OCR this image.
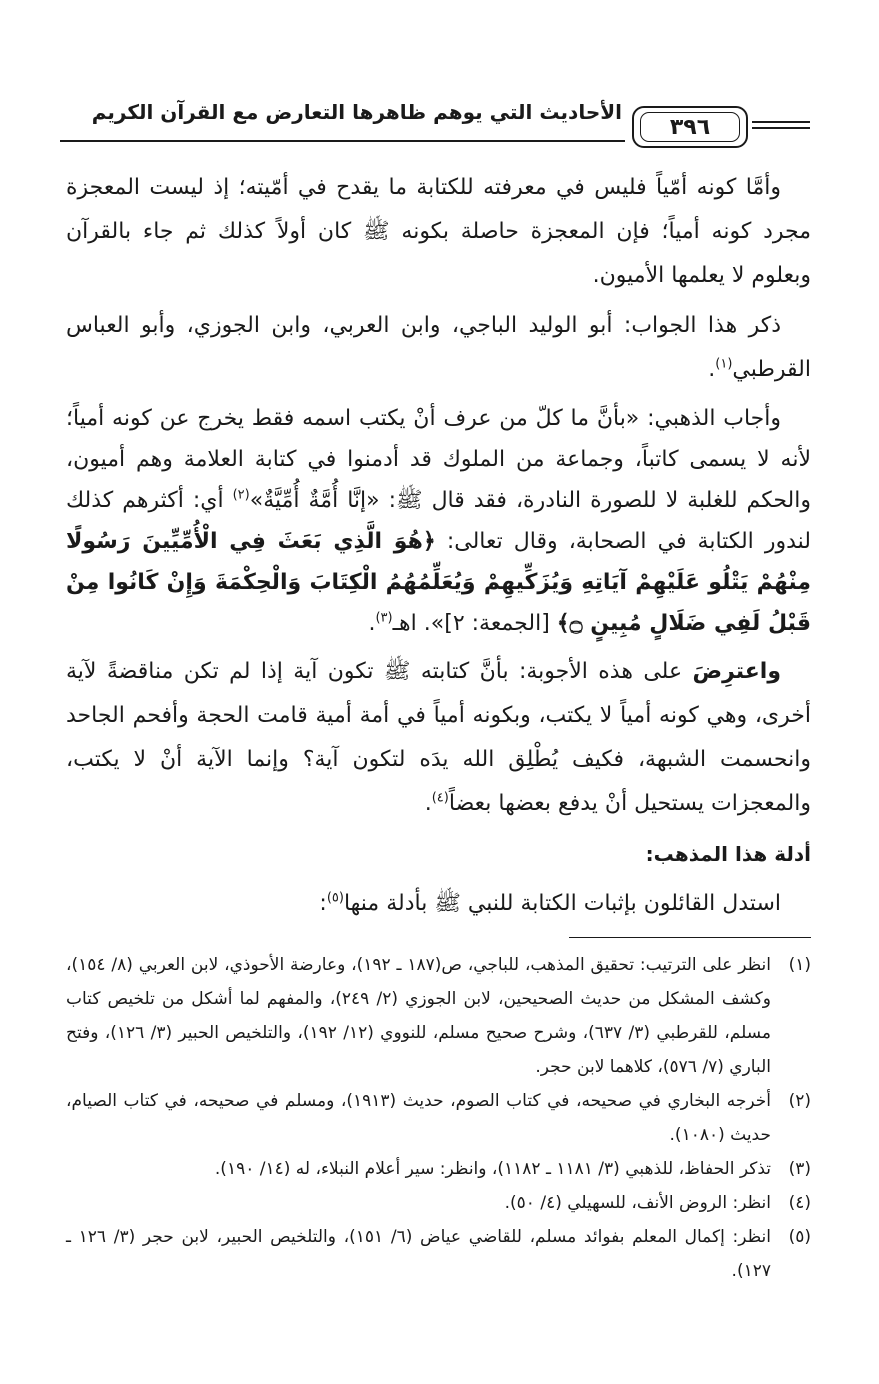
الأحاديث التي يوهم ظاهرها التعارض مع القرآن الكريم
٣٩٦

وأمَّا كونه أمّياً فليس في معرفته للكتابة ما يقدح في أمّيته؛ إذ ليست المعجزة مجرد كونه أمياً؛ فإن المعجزة حاصلة بكونه ﷺ كان أولاً كذلك ثم جاء بالقرآن وبعلوم لا يعلمها الأميون.

ذكر هذا الجواب: أبو الوليد الباجي، وابن العربي، وابن الجوزي، وأبو العباس القرطبي$^{(١)}$.

وأجاب الذهبي: «بأنَّ ما كلّ من عرف أنْ يكتب اسمه فقط يخرج عن كونه أمياً؛ لأنه لا يسمى كاتباً، وجماعة من الملوك قد أدمنوا في كتابة العلامة وهم أميون، والحكم للغلبة لا للصورة النادرة، فقد قال ﷺ: «إنَّا أُمَّةٌ أُمِّيَّةٌ»$^{(٢)}$ أي: أكثرهم كذلك لندور الكتابة في الصحابة، وقال تعالى: ﴿هُوَ الَّذِي بَعَثَ فِي الْأُمِّيِّينَ رَسُولًا مِنْهُمْ يَتْلُو عَلَيْهِمْ آيَاتِهِ وَيُزَكِّيهِمْ وَيُعَلِّمُهُمُ الْكِتَابَ وَالْحِكْمَةَ وَإِنْ كَانُوا مِنْ قَبْلُ لَفِي ضَلَالٍ مُبِينٍ ۝﴾ [الجمعة: ٢]». اهـ$^{(٣)}$.

واعترِضَ على هذه الأجوبة: بأنَّ كتابته ﷺ تكون آية إذا لم تكن مناقضةً لآية أخرى، وهي كونه أمياً لا يكتب، وبكونه أمياً في أمة أمية قامت الحجة وأفحم الجاحد وانحسمت الشبهة، فكيف يُطْلِق الله يدَه لتكون آية؟ وإنما الآية أنْ لا يكتب، والمعجزات يستحيل أنْ يدفع بعضها بعضاً$^{(٤)}$.

أدلة هذا المذهب:

استدل القائلون بإثبات الكتابة للنبي ﷺ بأدلة منها$^{(٥)}$:

(١)
انظر على الترتيب: تحقيق المذهب، للباجي، ص(١٨٧ ـ ١٩٢)، وعارضة الأحوذي، لابن العربي (٨/ ١٥٤)، وكشف المشكل من حديث الصحيحين، لابن الجوزي (٢/ ٢٤٩)، والمفهم لما أشكل من تلخيص كتاب مسلم، للقرطبي (٣/ ٦٣٧)، وشرح صحيح مسلم، للنووي (١٢/ ١٩٢)، والتلخيص الحبير (٣/ ١٢٦)، وفتح الباري (٧/ ٥٧٦)، كلاهما لابن حجر.
(٢)
أخرجه البخاري في صحيحه، في كتاب الصوم، حديث (١٩١٣)، ومسلم في صحيحه، في كتاب الصيام، حديث (١٠٨٠).
(٣)
تذكر الحفاظ، للذهبي (٣/ ١١٨١ ـ ١١٨٢)، وانظر: سير أعلام النبلاء، له (١٤/ ١٩٠).
(٤)
انظر: الروض الأنف، للسهيلي (٤/ ٥٠).
(٥)
انظر: إكمال المعلم بفوائد مسلم، للقاضي عياض (٦/ ١٥١)، والتلخيص الحبير، لابن حجر (٣/ ١٢٦ ـ ١٢٧).
